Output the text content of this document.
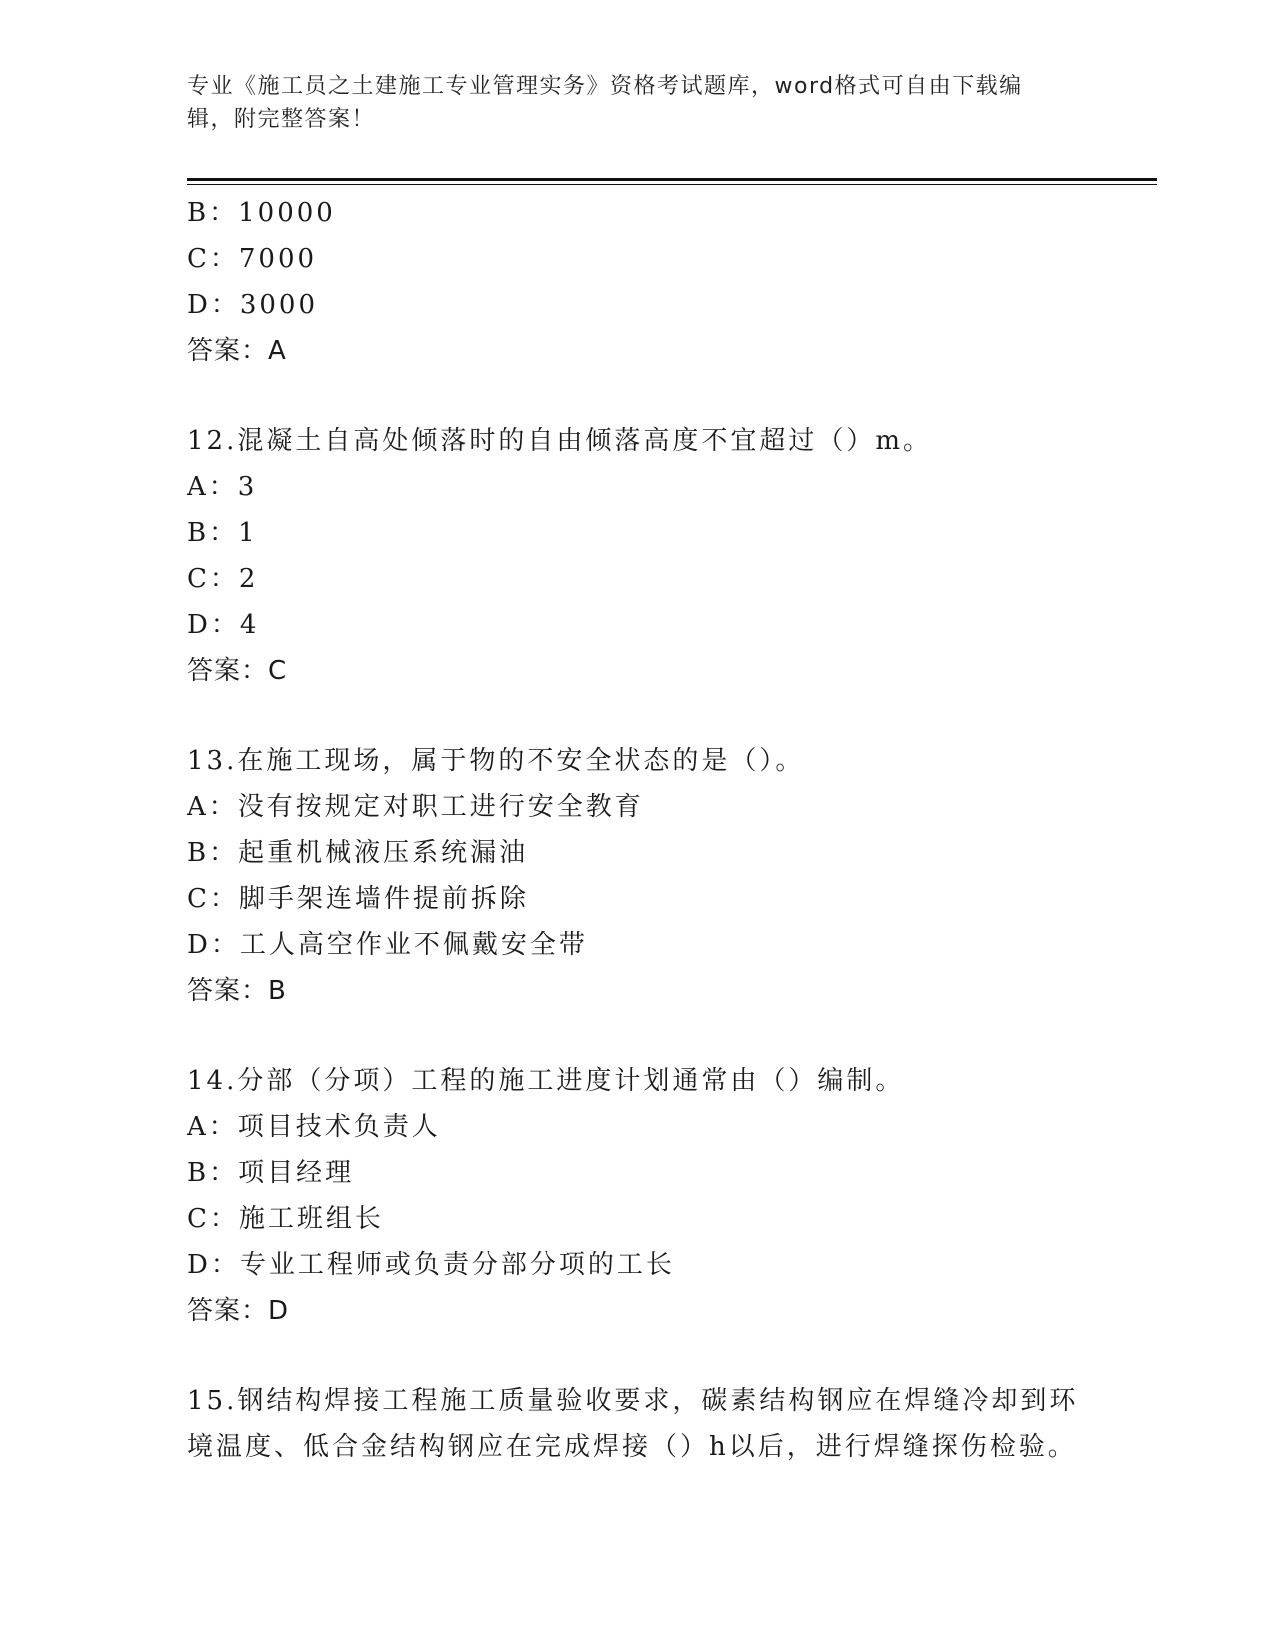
专业《施工员之土建施工专业管理实务》资格考试题库，word格式可自由下载编辑，附完整答案！
B：10000
C：7000
D：3000
答案：A
12.混凝土自高处倾落时的自由倾落高度不宜超过（）m。
A：3
B：1
C：2
D：4
答案：C
13.在施工现场，属于物的不安全状态的是（）。
A：没有按规定对职工进行安全教育
B：起重机械液压系统漏油
C：脚手架连墙件提前拆除
D：工人高空作业不佩戴安全带
答案：B
14.分部（分项）工程的施工进度计划通常由（）编制。
A：项目技术负责人
B：项目经理
C：施工班组长
D：专业工程师或负责分部分项的工长
答案：D
15.钢结构焊接工程施工质量验收要求，碳素结构钢应在焊缝冷却到环
境温度、低合金结构钢应在完成焊接（）h以后，进行焊缝探伤检验。
